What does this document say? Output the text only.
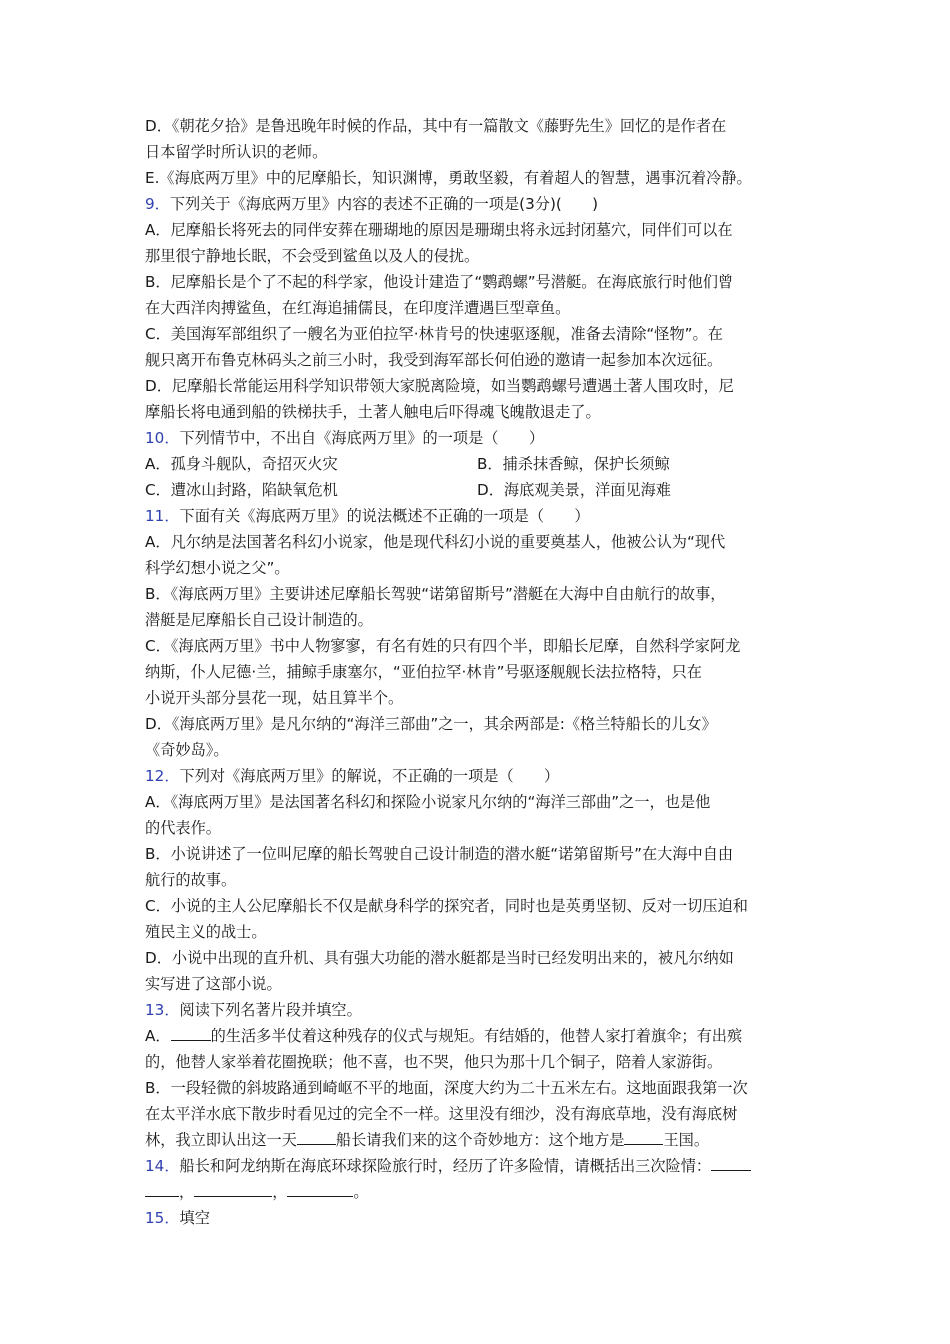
D．《朝花夕拾》是鲁迅晚年时候的作品，其中有一篇散文《藤野先生》回忆的是作者在
日本留学时所认识的老师。
E.《海底两万里》中的尼摩船长，知识渊博，勇敢坚毅，有着超人的智慧，遇事沉着冷静。
9．下列关于《海底两万里》内容的表述不正确的一项是(3分)(　　)
A．尼摩船长将死去的同伴安葬在珊瑚地的原因是珊瑚虫将永远封闭墓穴，同伴们可以在
那里很宁静地长眠，不会受到鲨鱼以及人的侵扰。
B．尼摩船长是个了不起的科学家，他设计建造了“鹦鹉螺”号潜艇。在海底旅行时他们曾
在大西洋肉搏鲨鱼，在红海追捕儒艮，在印度洋遭遇巨型章鱼。
C．美国海军部组织了一艘名为亚伯拉罕·林肯号的快速驱逐舰，准备去清除“怪物”。在
舰只离开布鲁克林码头之前三小时，我受到海军部长何伯逊的邀请一起参加本次远征。
D．尼摩船长常能运用科学知识带领大家脱离险境，如当鹦鹉螺号遭遇土著人围攻时，尼
摩船长将电通到船的铁梯扶手，土著人触电后吓得魂飞魄散退走了。
10．下列情节中，不出自《海底两万里》的一项是（　　）
A．孤身斗舰队，奇招灭火灾	B．捕杀抹香鲸，保护长须鲸
C．遭冰山封路，陷缺氧危机	D．海底观美景，洋面见海难
11．下面有关《海底两万里》的说法概述不正确的一项是（　　）
A．凡尔纳是法国著名科幻小说家，他是现代科幻小说的重要奠基人，他被公认为“现代
科学幻想小说之父”。
B．《海底两万里》主要讲述尼摩船长驾驶“诺第留斯号”潜艇在大海中自由航行的故事，
潜艇是尼摩船长自己设计制造的。
C．《海底两万里》书中人物寥寥，有名有姓的只有四个半，即船长尼摩，自然科学家阿龙
纳斯，仆人尼德·兰，捕鲸手康塞尔，“亚伯拉罕·林肯”号驱逐舰舰长法拉格特，只在
小说开头部分昙花一现，姑且算半个。
D．《海底两万里》是凡尔纳的“海洋三部曲”之一，其余两部是:《格兰特船长的儿女》
《奇妙岛》。
12．下列对《海底两万里》的解说，不正确的一项是（　　）
A．《海底两万里》是法国著名科幻和探险小说家凡尔纳的“海洋三部曲”之一，也是他
的代表作。
B．小说讲述了一位叫尼摩的船长驾驶自己设计制造的潜水艇“诺第留斯号”在大海中自由
航行的故事。
C．小说的主人公尼摩船长不仅是献身科学的探究者，同时也是英勇坚韧、反对一切压迫和
殖民主义的战士。
D．小说中出现的直升机、具有强大功能的潜水艇都是当时已经发明出来的，被凡尔纳如
实写进了这部小说。
13．阅读下列名著片段并填空。
A．	的生活多半仗着这种残存的仪式与规矩。有结婚的，他替人家打着旗伞；有出殡
的，他替人家举着花圈挽联；他不喜，也不哭，他只为那十几个铜子，陪着人家游街。
B．一段轻微的斜坡路通到崎岖不平的地面，深度大约为二十五米左右。这地面跟我第一次
在太平洋水底下散步时看见过的完全不一样。这里没有细沙，没有海底草地，没有海底树
林，我立即认出这一天	船长请我们来的这个奇妙地方：这个地方是	王国。
14．船长和阿龙纳斯在海底环球探险旅行时，经历了许多险情，请概括出三次险情：
，	，	。
15．填空
